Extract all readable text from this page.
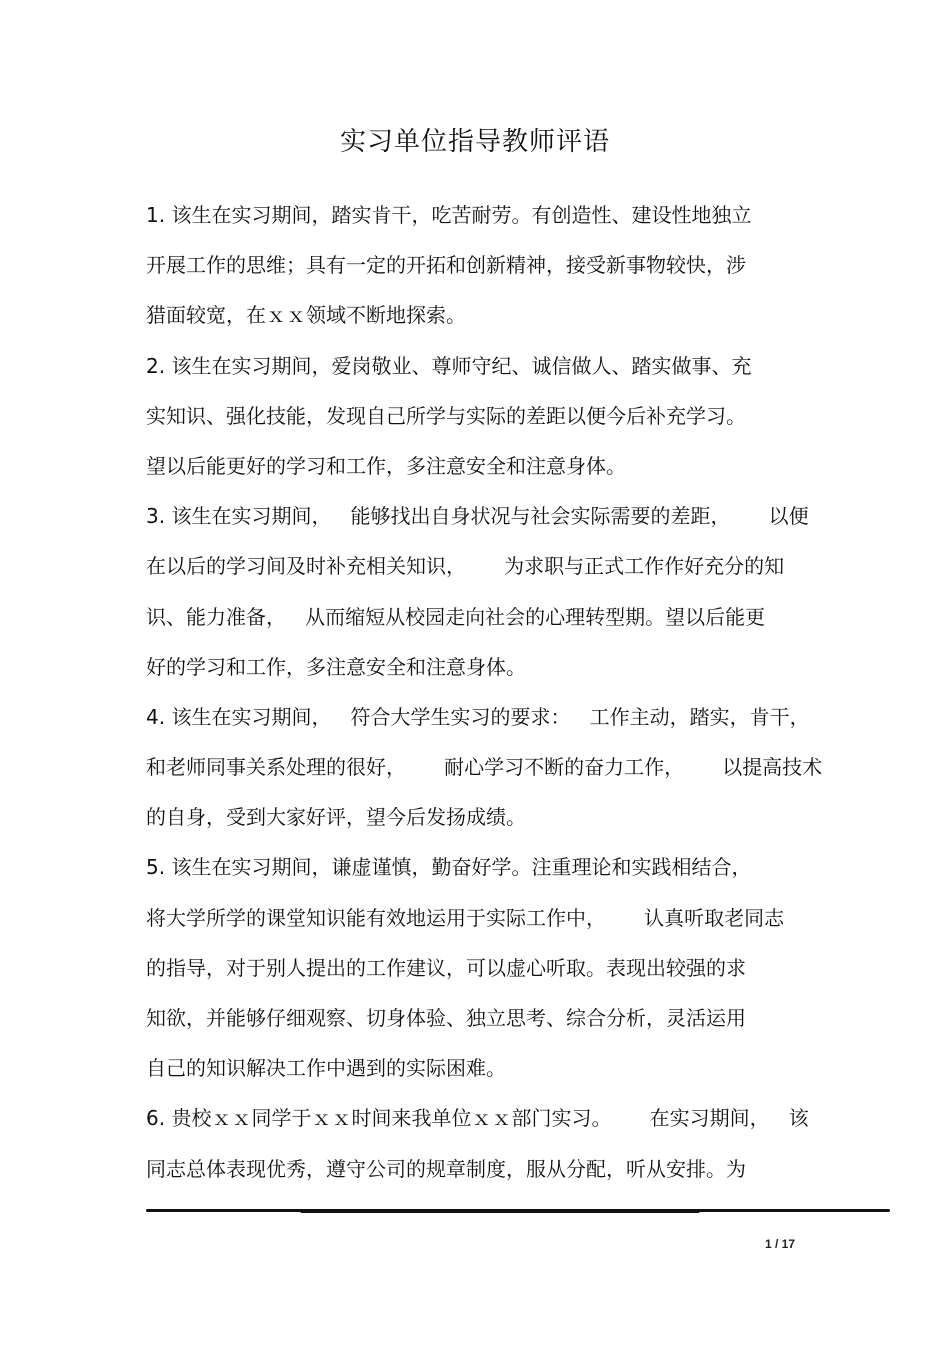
实习单位指导教师评语
1. 该生在实习期间，踏实肯干，吃苦耐劳。有创造性、建设性地独立
开展工作的思维；具有一定的开拓和创新精神，接受新事物较快，涉
猎面较宽，在ｘｘ领域不断地探索。
2. 该生在实习期间，爱岗敬业、尊师守纪、诚信做人、踏实做事、充
实知识、强化技能，发现自己所学与实际的差距以便今后补充学习。
望以后能更好的学习和工作，多注意安全和注意身体。
3. 该生在实习期间，   能够找出自身状况与社会实际需要的差距，      以便
在以后的学习间及时补充相关知识，      为求职与正式工作作好充分的知
识、能力准备，   从而缩短从校园走向社会的心理转型期。望以后能更
好的学习和工作，多注意安全和注意身体。
4. 该生在实习期间，   符合大学生实习的要求：   工作主动，踏实，肯干，
和老师同事关系处理的很好，      耐心学习不断的奋力工作，      以提高技术
的自身，受到大家好评，望今后发扬成绩。
5. 该生在实习期间，谦虚谨慎，勤奋好学。注重理论和实践相结合，
将大学所学的课堂知识能有效地运用于实际工作中，      认真听取老同志
的指导，对于别人提出的工作建议，可以虚心听取。表现出较强的求
知欲，并能够仔细观察、切身体验、独立思考、综合分析，灵活运用
自己的知识解决工作中遇到的实际困难。
6. 贵校ｘｘ同学于ｘｘ时间来我单位ｘｘ部门实习。      在实习期间，   该
同志总体表现优秀，遵守公司的规章制度，服从分配，听从安排。为
1 / 17
